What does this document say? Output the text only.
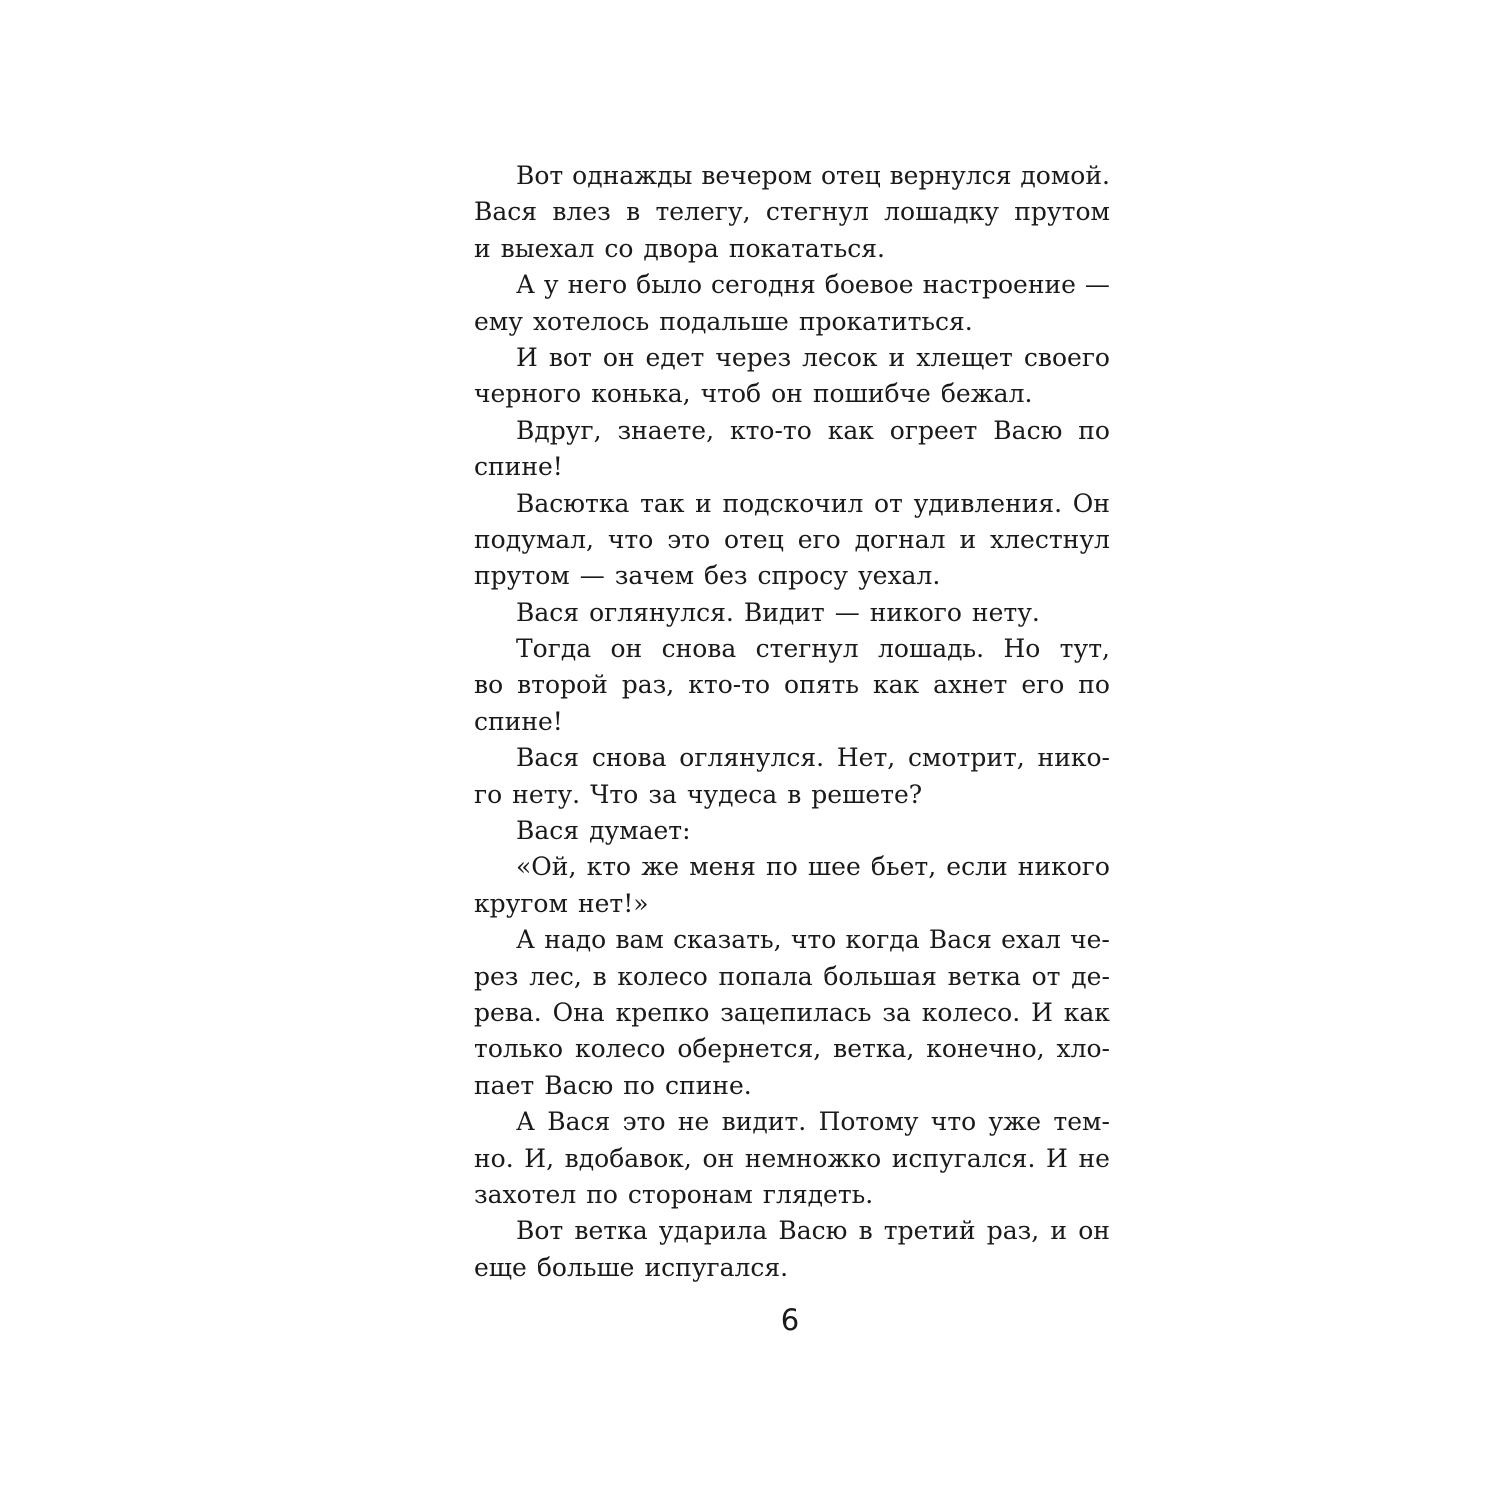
Вот однажды вечером отец вернулся домой.
Вася влез в телегу, стегнул лошадку прутом
и выехал со двора покататься.
А у него было сегодня боевое настроение —
ему хотелось подальше прокатиться.
И вот он едет через лесок и хлещет своего
черного конька, чтоб он пошибче бежал.
Вдруг, знаете, кто-то как огреет Васю по
спине!
Васютка так и подскочил от удивления. Он
подумал, что это отец его догнал и хлестнул
прутом — зачем без спросу уехал.
Вася оглянулся. Видит — никого нету.
Тогда он снова стегнул лошадь. Но тут,
во второй раз, кто-то опять как ахнет его по
спине!
Вася снова оглянулся. Нет, смотрит, нико-
го нету. Что за чудеса в решете?
Вася думает:
«Ой, кто же меня по шее бьет, если никого
кругом нет!»
А надо вам сказать, что когда Вася ехал че-
рез лес, в колесо попала большая ветка от де-
рева. Она крепко зацепилась за колесо. И как
только колесо обернется, ветка, конечно, хло-
пает Васю по спине.
А Вася это не видит. Потому что уже тем-
но. И, вдобавок, он немножко испугался. И не
захотел по сторонам глядеть.
Вот ветка ударила Васю в третий раз, и он
еще больше испугался.
6
